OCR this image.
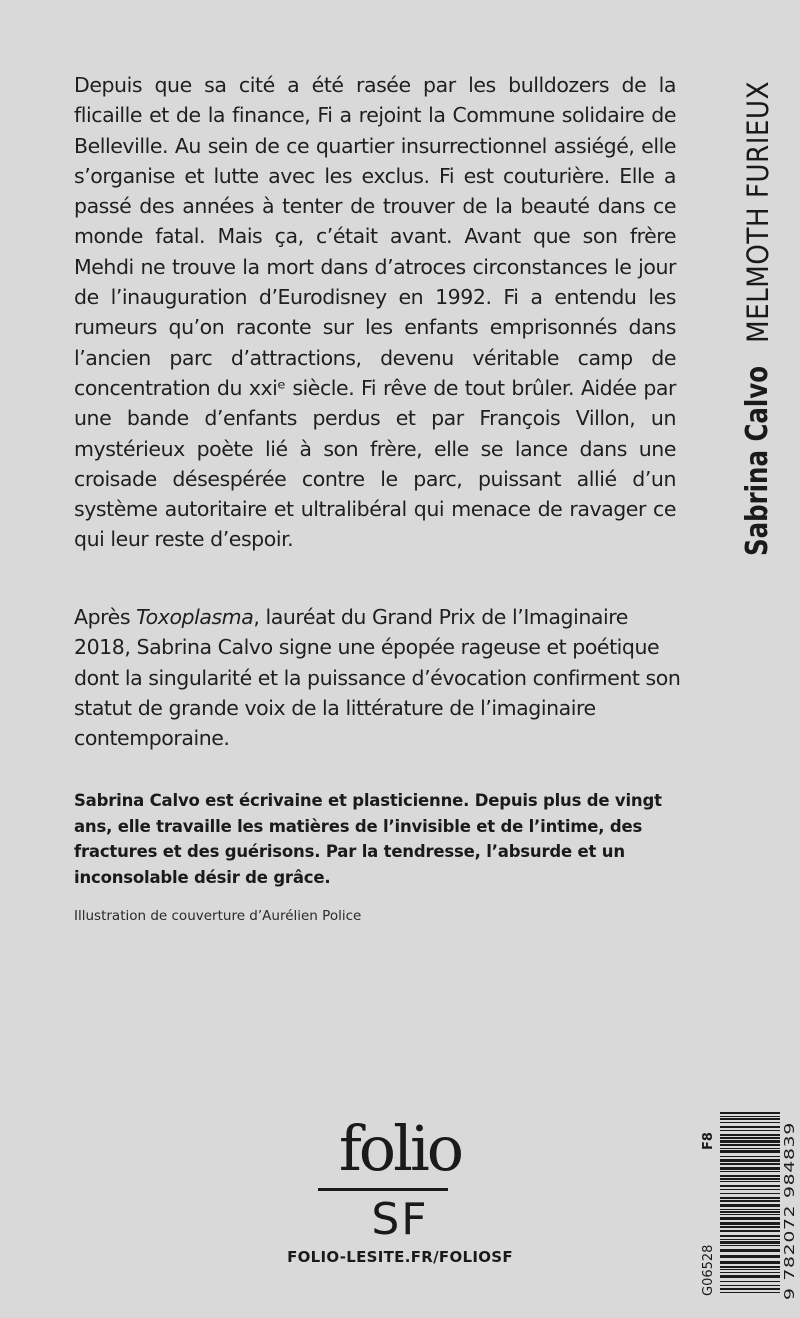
Depuis que sa cité a été rasée par les bulldozers de la flicaille et de la finance, Fi a rejoint la Commune solidaire de Belleville. Au sein de ce quartier insurrectionnel assiégé, elle s’organise et lutte avec les exclus. Fi est couturière. Elle a passé des années à tenter de trouver de la beauté dans ce monde fatal. Mais ça, c’était avant. Avant que son frère Mehdi ne trouve la mort dans d’atroces circonstances le jour de l’inauguration d’Eurodisney en 1992. Fi a entendu les rumeurs qu’on raconte sur les enfants emprisonnés dans l’ancien parc d’attractions, devenu véritable camp de concentration du xxiᵉ siècle. Fi rêve de tout brûler. Aidée par une bande d’enfants perdus et par François Villon, un mystérieux poète lié à son frère, elle se lance dans une croisade désespérée contre le parc, puissant allié d’un système autoritaire et ultralibéral qui menace de ravager ce qui leur reste d’espoir.

Après Toxoplasma, lauréat du Grand Prix de l’Imaginaire 2018, Sabrina Calvo signe une épopée rageuse et poétique dont la singularité et la puissance d’évocation confirment son statut de grande voix de la littérature de l’imaginaire contemporaine.

Sabrina Calvo est écrivaine et plasticienne. Depuis plus de vingt ans, elle travaille les matières de l’invisible et de l’intime, des fractures et des guérisons. Par la tendresse, l’absurde et un inconsolable désir de grâce.

Illustration de couverture d’Aurélien Police

MELMOTH FURIEUX
Sabrina Calvo
folio
SF
FOLIO-LESITE.FR/FOLIOSF	G06528
F8
9 782072 984839
